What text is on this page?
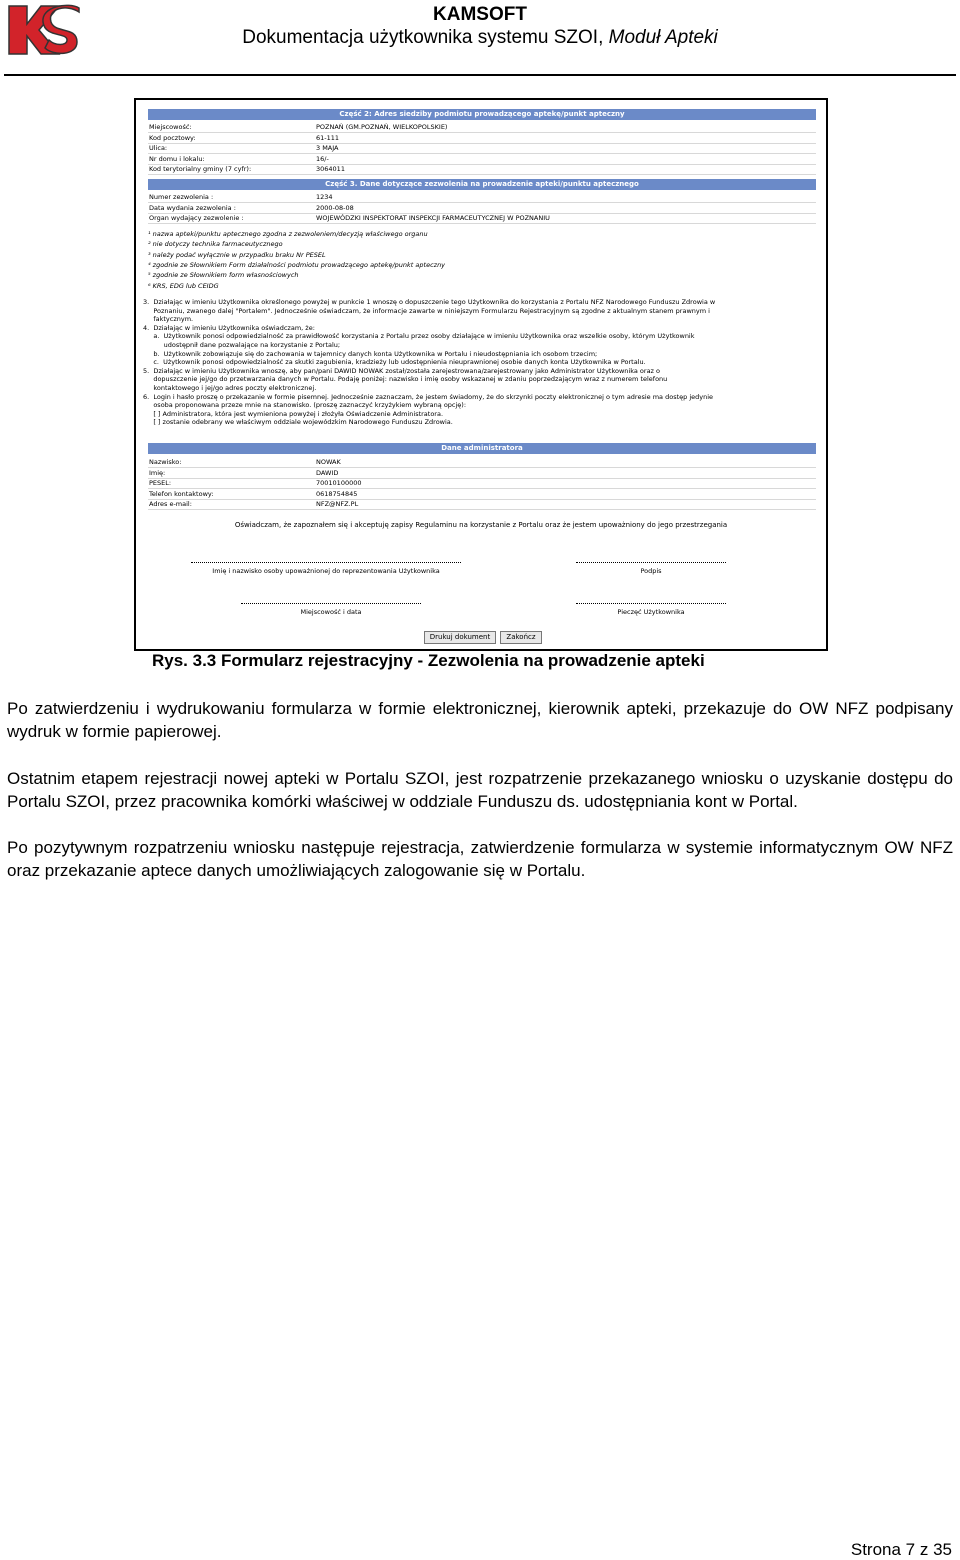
KAMSOFT
Dokumentacja użytkownika systemu SZOI, Moduł Apteki
Część 2: Adres siedziby podmiotu prowadzącego aptekę/punkt apteczny
Miejscowość:	POZNAŃ (GM.POZNAŃ, WIELKOPOLSKIE)
Kod pocztowy:	61-111
Ulica:	3 MAJA
Nr domu i lokalu:	16/-
Kod terytorialny gminy (7 cyfr):	3064011
Część 3. Dane dotyczące zezwolenia na prowadzenie apteki/punktu aptecznego
Numer zezwolenia :	1234
Data wydania zezwolenia :	2000-08-08
Organ wydający zezwolenie :	WOJEWÓDZKI INSPEKTORAT INSPEKCJI FARMACEUTYCZNEJ W POZNANIU
¹ nazwa apteki/punktu aptecznego zgodna z zezwoleniem/decyzją właściwego organu
² nie dotyczy technika farmaceutycznego
³ należy podać wyłącznie w przypadku braku Nr PESEL
⁴ zgodnie ze Słownikiem Form działalności podmiotu prowadzącego aptekę/punkt apteczny
⁵ zgodnie ze Słownikiem form własnościowych
⁶ KRS, EDG lub CEIDG
3.  Działając w imieniu Użytkownika określonego powyżej w punkcie 1 wnoszę o dopuszczenie tego Użytkownika do korzystania z Portalu NFZ Narodowego Funduszu Zdrowia w
Poznaniu, zwanego dalej "Portalem". Jednocześnie oświadczam, że informacje zawarte w niniejszym Formularzu Rejestracyjnym są zgodne z aktualnym stanem prawnym i
faktycznym.
4.  Działając w imieniu Użytkownika oświadczam, że:
a.  Użytkownik ponosi odpowiedzialność za prawidłowość korzystania z Portalu przez osoby działające w imieniu Użytkownika oraz wszelkie osoby, którym Użytkownik
udostępnił dane pozwalające na korzystanie z Portalu;
b.  Użytkownik zobowiązuje się do zachowania w tajemnicy danych konta Użytkownika w Portalu i nieudostępniania ich osobom trzecim;
c.  Użytkownik ponosi odpowiedzialność za skutki zagubienia, kradzieży lub udostępnienia nieuprawnionej osobie danych konta Użytkownika w Portalu.
5.  Działając w imieniu Użytkownika wnoszę, aby pan/pani DAWID NOWAK został/została zarejestrowana/zarejestrowany jako Administrator Użytkownika oraz o
dopuszczenie jej/go do przetwarzania danych w Portalu. Podaję poniżej: nazwisko i imię osoby wskazanej w zdaniu poprzedzającym wraz z numerem telefonu
kontaktowego i jej/go adres poczty elektronicznej.
6.  Login i hasło proszę o przekazanie w formie pisemnej. Jednocześnie zaznaczam, że jestem świadomy, że do skrzynki poczty elektronicznej o tym adresie ma dostęp jedynie
osoba proponowana przeze mnie na stanowisko. (proszę zaznaczyć krzyżykiem wybraną opcję):
[ ] Administratora, która jest wymieniona powyżej i złożyła Oświadczenie Administratora.
[ ] zostanie odebrany we właściwym oddziale wojewódzkim Narodowego Funduszu Zdrowia.
Dane administratora
Nazwisko:	NOWAK
Imię:	DAWID
PESEL:	70010100000
Telefon kontaktowy:	0618754845
Adres e-mail:	NFZ@NFZ.PL
Oświadczam, że zapoznałem się i akceptuję zapisy Regulaminu na korzystanie z Portalu oraz że jestem upoważniony do jego przestrzegania
Imię i nazwisko osoby upoważnionej do reprezentowania Użytkownika	Podpis
Miejscowość i data	Pieczęć Użytkownika
Drukuj dokument	Zakończ
Rys. 3.3 Formularz rejestracyjny - Zezwolenia na prowadzenie apteki
Po zatwierdzeniu i wydrukowaniu formularza w formie elektronicznej, kierownik apteki, przekazuje do OW NFZ podpisany wydruk w formie papierowej.
Ostatnim etapem rejestracji nowej apteki w Portalu SZOI, jest rozpatrzenie przekazanego wniosku o uzyskanie dostępu do Portalu SZOI, przez pracownika komórki właściwej w oddziale Funduszu ds. udostępniania kont w Portal.
Po pozytywnym rozpatrzeniu wniosku następuje rejestracja, zatwierdzenie formularza w systemie informatycznym OW NFZ oraz przekazanie aptece danych umożliwiających zalogowanie się w Portalu.
Strona 7 z 35
